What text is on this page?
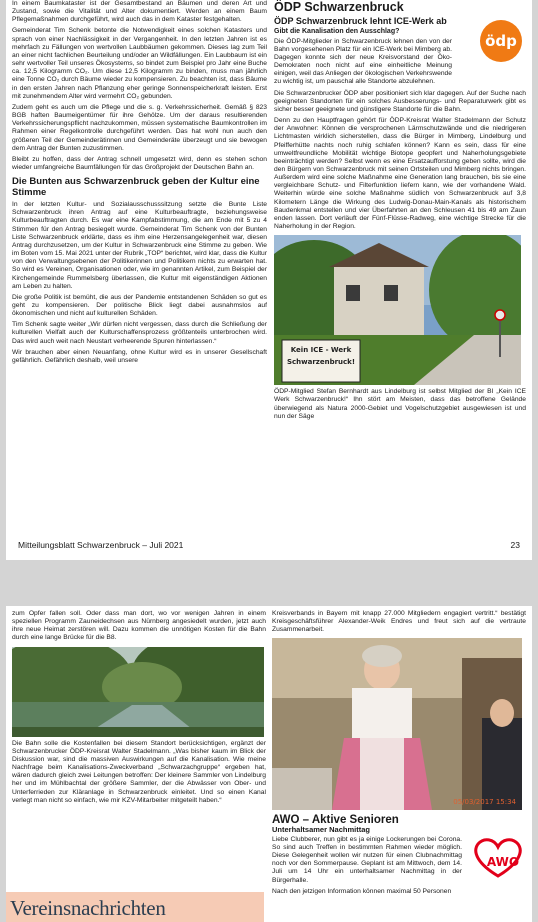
In einem Baumkataster ist der Gesamtbestand an Bäumen und deren Art und Zustand, sowie die Vitalität und Alter dokumentiert. Werden an einem Baum Pflegemaßnahmen durchgeführt, wird auch das in dem Kataster festgehalten.

Gemeinderat Tim Schenk betonte die Notwendigkeit eines solchen Katasters und sprach von einer Nachlässigkeit in der Vergangenheit. In den letzten Jahren ist es mehrfach zu Fällungen von wertvollen Laubbäumen gekommen. Dieses lag zum Teil an einer nicht fachlichen Beurteilung und/oder an Wildfällungen. Ein Laubbaum ist ein sehr wertvoller Teil unseres Ökosystems, so bindet zum Beispiel pro Jahr eine Buche ca. 12,5 Kilogramm CO₂. Um diese 12,5 Kilogramm zu binden, muss man jährlich eine Tonne CO₂ durch Bäume wieder zu kompensieren. Zu beachten ist, dass Bäume in den ersten Jahren nach Pflanzung eher geringe Sonnenspeicherkraft leisten. Erst mit zunehmendem Alter wird vermehrt CO₂ gebunden.

Zudem geht es auch um die Pflege und die s. g. Verkehrssicherheit. Gemäß § 823 BGB haften Baumeigentümer für ihre Gehölze. Um der daraus resultierenden Verkehrssicherungspflicht nachzukommen, müssen systematische Baumkontrollen im Rahmen einer Regelkontrolle durchgeführt werden. Das hat wohl nun auch den größeren Teil der Gemeinderätinnen und Gemeinderäte überzeugt und sie bewogen dem Antrag der Bunten zuzustimmen.

Bleibt zu hoffen, dass der Antrag schnell umgesetzt wird, denn es stehen schon wieder umfangreiche Baumfällungen für das Großprojekt der Deutschen Bahn an.

Die Bunten aus Schwarzenbruck geben der Kultur eine Stimme

In der letzten Kultur- und Sozialausschusssitzung setzte die Bunte Liste Schwarzenbruck ihren Antrag auf eine Kulturbeauftragte, beziehungsweise Kulturbeauftragten durch. Es war eine Kampfabstimmung, die am Ende mit 5 zu 4 Stimmen für den Antrag besiegelt wurde. Gemeinderat Tim Schenk von der Bunten Liste Schwarzenbruck erklärte, dass es ihm eine Herzensangelegenheit war, diesen Antrag durchzusetzen, um der Kultur in Schwarzenbruck eine Stimme zu geben. Wie im Boten vom 15. Mai 2021 unter der Rubrik „TOP“ berichtet, wird klar, dass die Kultur von den Verwaltungsebenen der Politikerinnen und Politikern nichts zu erwarten hat. So wird es Vereinen, Organisationen oder, wie im genannten Artikel, zum Beispiel der Kirchengemeinde Rummelsberg überlassen, die Kultur mit eigenständigen Aktionen am Leben zu halten.

Die große Politik ist bemüht, die aus der Pandemie entstandenen Schäden so gut es geht zu kompensieren. Der politische Blick liegt dabei ausnahmslos auf ökonomischen und nicht auf kulturellen Schäden.

Tim Schenk sagte weiter „Wir dürfen nicht vergessen, dass durch die Schließung der kulturellen Vielfalt auch der Kulturschaffensprozess größtenteils unterbrochen wird. Das wird auch weit nach Neustart verheerende Spuren hinterlassen.“

Wir brauchen aber einen Neuanfang, ohne Kultur wird es in unserer Gesellschaft gefährlich. Gefährlich deshalb, weil unsere

ÖDP Schwarzenbruck
ÖDP Schwarzenbruck lehnt ICE-Werk ab
Gibt die Kanalisation den Ausschlag?

Die ÖDP-Mitglieder in Schwarzenbruck lehnen den von der Bahn vorgesehenen Platz für ein ICE-Werk bei Mimberg ab. Dagegen konnte sich der neue Kreisvorstand der Öko-Demokraten noch nicht auf eine einheitliche Meinung einigen, weil das Anliegen der ökologischen Verkehrswende zu wichtig ist, um pauschal alle Standorte abzulehnen.

Die Schwarzenbrucker ÖDP aber positioniert sich klar dagegen. Auf der Suche nach geeigneten Standorten für ein solches Ausbesserungs- und Reparaturwerk gibt es sicher besser geeignete und günstigere Standorte für die Bahn.

Denn zu den Hauptfragen gehört für ÖDP-Kreisrat Walter Stadelmann der Schutz der Anwohner: Können die versprochenen Lärmschutzwände und die niedrigeren Lichtmasten wirklich sicherstellen, dass die Bürger in Mimberg, Lindelburg und Pfeifferhütte nachts noch ruhig schlafen können? Kann es sein, dass für eine umweltfreundliche Mobilität wichtige Biotope geopfert und Naherholungsgebiete beeinträchtigt werden? Selbst wenn es eine Ersatzaufforstung geben sollte, wird die den Bürgern von Schwarzenbruck mit seinen Ortsteilen und Mimberg nichts bringen. Außerdem wird eine solche Maßnahme eine Generation lang brauchen, bis sie eine vergleichbare Schutz- und Filterfunktion liefern kann, wie der vorhandene Wald. Weiterhin würde eine solche Maßnahme südlich von Schwarzenbruck auf 3,8 Kilometern Länge die Wirkung des Ludwig-Donau-Main-Kanals als historischem Baudenkmal entstellen und vier Überfahrten an den Schleusen 41 bis 49 am Zaun enden lassen. Dort verläuft der Fünf-Flüsse-Radweg, eine wichtige Strecke für die Naherholung in der Region.

Kein ICE - Werk
Schwarzenbruck!

ÖDP-Mitglied Stefan Bernhardt aus Lindelburg ist selbst Mitglied der BI „Kein ICE Werk Schwarzenbruck!“ Ihn stört am Meisten, dass das betroffene Gelände überwiegend als Natura 2000-Gebiet und Vogelschutzgebiet ausgewiesen ist und nun der Säge

ödp
Mitteilungsblatt Schwarzenbruck – Juli 2021	23

zum Opfer fallen soll. Oder dass man dort, wo vor wenigen Jahren in einem speziellen Programm Zauneidechsen aus Nürnberg angesiedelt wurden, jetzt auch ihre neue Heimat zerstören will. Dazu kommen die unnötigen Kosten für die Bahn durch eine lange Brücke für die B8.

Die Bahn solle die Kostenfallen bei diesem Standort berücksichtigen, ergänzt der Schwarzenbrucker ÖDP-Kreisrat Walter Stadelmann. „Was bisher kaum im Blick der Diskussion war, sind die massiven Auswirkungen auf die Kanalisation. Wie meine Nachfrage beim Kanalisations-Zweckverband „Schwarzachgruppe“ ergeben hat, wären dadurch gleich zwei Leitungen betroffen: Der kleinere Sammler von Lindelburg her und im Mühlbachtal der größere Sammler, der die Abwässer von Ober- und Unterferrieden zur Kläranlage in Schwarzenbruck einleitet. Und so einen Kanal verlegt man nicht so einfach, wie mir KZV-Mitarbeiter mitgeteilt haben.“

Vereinsnachrichten

Kreisverbands in Bayern mit knapp 27.000 Mitgliedern engagiert vertritt.“ bestätigt Kreisgeschäftsführer Alexander-Weik Endres und freut sich auf die vertraute Zusammenarbeit.

05/03/2017 15:34
AWO – Aktive Senioren
Unterhaltsamer Nachmittag

Liebe Clubberer, nun gibt es ja einige Lockerungen bei Corona. So sind auch Treffen in bestimmten Rahmen wieder möglich. Diese Gelegenheit wollen wir nutzen für einen Clubnachmittag noch vor den Sommerpause. Geplant ist am Mittwoch, dem 14. Juli um 14 Uhr ein unterhaltsamer Nachmittag in der Bürgerhalle.

Nach den jetzigen Information können maximal 50 Personen

AWO
